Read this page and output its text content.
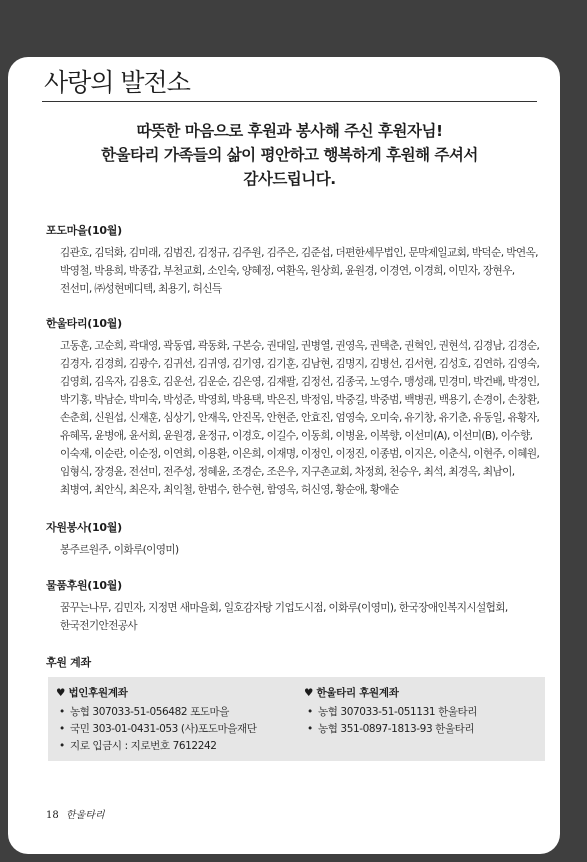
사랑의 발전소
따뜻한 마음으로 후원과 봉사해 주신 후원자님!
한울타리 가족들의 삶이 평안하고 행복하게 후원해 주셔서
감사드립니다.
포도마을(10월)

김관호, 김덕화, 김미래, 김범진, 김정규, 김주원, 김주은, 김준섭, 더편한세무법인, 문막제일교회, 박덕순, 박연옥, 박영철, 박용희, 박종갑, 부천교회, 소인숙, 양혜정, 여환옥, 원상희, 윤원경, 이경연, 이경희, 이민자, 장현우, 전선미, ㈜성현메디텍, 최용기, 허신득

한울타리(10월)

고동훈, 고순희, 곽대영, 곽동엽, 곽동화, 구본승, 권대일, 권병열, 권영옥, 권택춘, 권혁인, 권현석, 김경남, 김경순, 김경자, 김경희, 김광수, 김귀선, 김귀영, 김기영, 김기훈, 김남현, 김명지, 김병선, 김서현, 김성호, 김연하, 김영숙, 김영희, 김옥자, 김용호, 김운선, 김운순, 김은영, 김재팔, 김정선, 김종국, 노영수, 맹성래, 민경미, 박건배, 박경인, 박기홍, 박남순, 박미숙, 박성준, 박영희, 박용택, 박은진, 박정임, 박중길, 박중범, 백병권, 백용기, 손경이, 손창환, 손춘희, 신원섭, 신재훈, 심상기, 안재옥, 안진목, 안현준, 안효진, 엄영숙, 오미숙, 유기창, 유기춘, 유동일, 유황자, 유혜목, 윤병애, 윤서희, 윤원경, 윤정규, 이경호, 이길수, 이동희, 이병윤, 이복향, 이선미(A), 이선미(B), 이수향, 이숙재, 이순란, 이순정, 이연희, 이용환, 이은희, 이재명, 이정인, 이정진, 이종범, 이지은, 이춘식, 이현주, 이혜원, 임형식, 장경윤, 전선미, 전주성, 정혜윤, 조경순, 조은우, 지구촌교회, 차정희, 천승우, 최석, 최경옥, 최남이, 최병여, 최안식, 최은자, 최익철, 한범수, 한수현, 함영옥, 허신영, 황순애, 황애순

자원봉사(10월)

봉주르원주, 이화루(이영미)

물품후원(10월)

꿈꾸는나무, 김민자, 지정면 새마을회, 일호감자탕 기업도시점, 이화루(이영미), 한국장애인복지시설협회, 한국전기안전공사

후원 계좌
♥ 법인후원계좌
• 농협 307033-51-056482 포도마을
• 국민 303-01-0431-053 (사)포도마을재단
• 지로 입금시 : 지로번호 7612242
♥ 한울타리 후원계좌
• 농협 307033-51-051131 한울타리
• 농협 351-0897-1813-93 한울타리
18 한울타리
